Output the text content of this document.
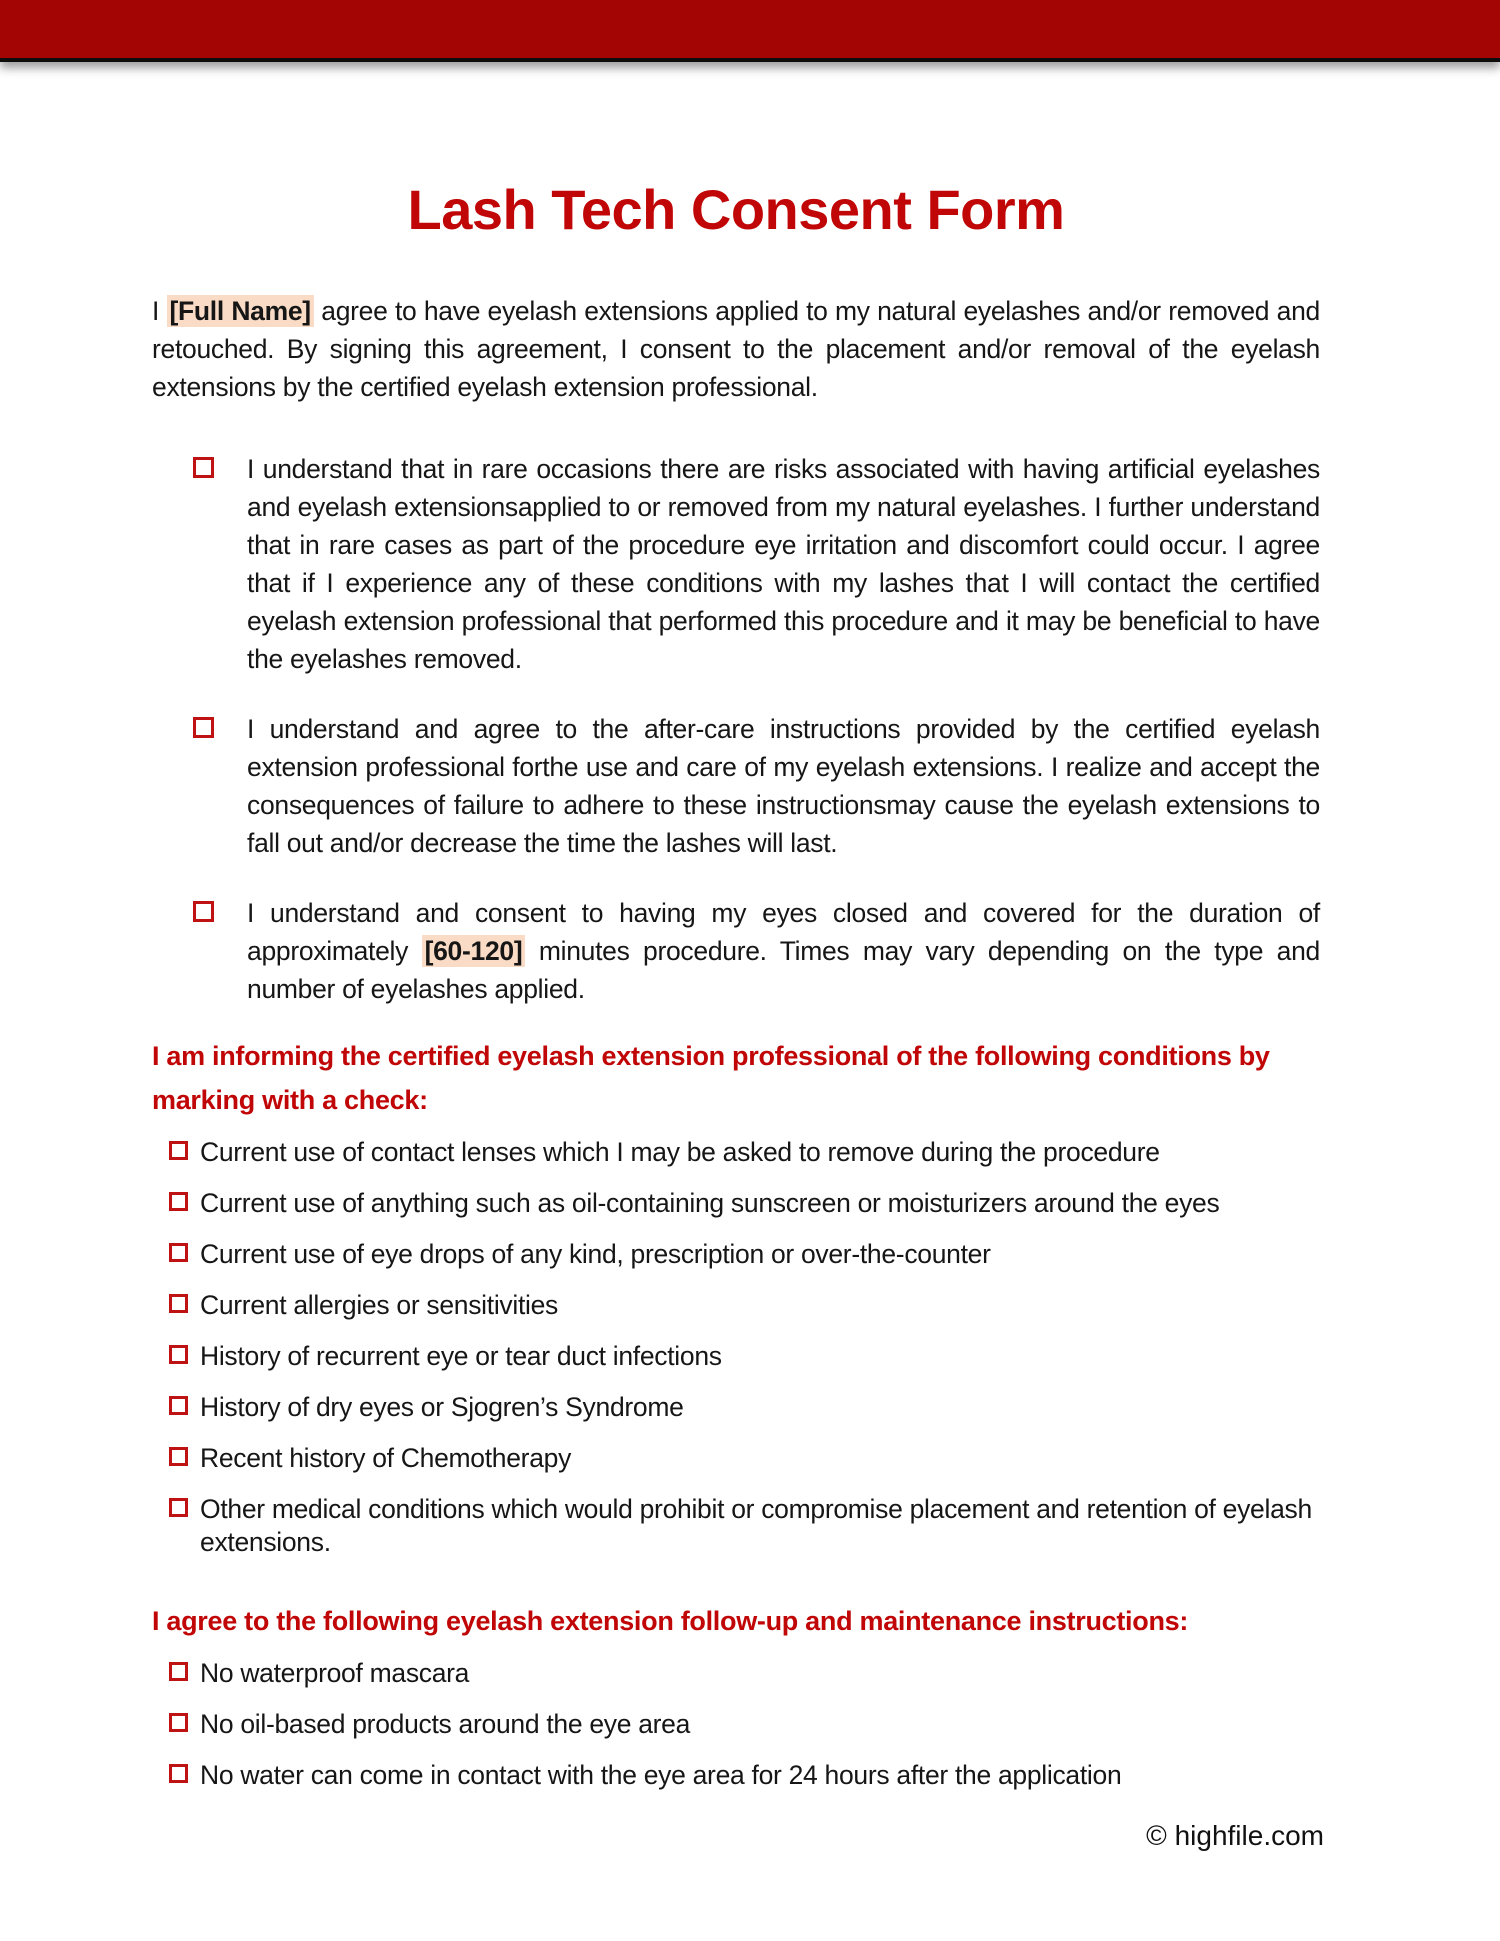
Lash Tech Consent Form

I [Full Name] agree to have eyelash extensions applied to my natural eyelashes and/or removed and retouched. By signing this agreement, I consent to the placement and/or removal of the eyelash extensions by the certified eyelash extension professional.

I understand that in rare occasions there are risks associated with having artificial eyelashes and eyelash extensionsapplied to or removed from my natural eyelashes. I further understand that in rare cases as part of the procedure eye irritation and discomfort could occur. I agree that if I experience any of these conditions with my lashes that I will contact the certified eyelash extension professional that performed this procedure and it may be beneficial to have the eyelashes removed.
I understand and agree to the after-care instructions provided by the certified eyelash extension professional forthe use and care of my eyelash extensions. I realize and accept the consequences of failure to adhere to these instructionsmay cause the eyelash extensions to fall out and/or decrease the time the lashes will last.
I understand and consent to having my eyes closed and covered for the duration of approximately [60-120] minutes procedure. Times may vary depending on the type and number of eyelashes applied.
I am informing the certified eyelash extension professional of the following conditions by marking with a check:
Current use of contact lenses which I may be asked to remove during the procedure
Current use of anything such as oil-containing sunscreen or moisturizers around the eyes
Current use of eye drops of any kind, prescription or over-the-counter
Current allergies or sensitivities
History of recurrent eye or tear duct infections
History of dry eyes or Sjogren’s Syndrome
Recent history of Chemotherapy
Other medical conditions which would prohibit or compromise placement and retention of eyelash extensions.
I agree to the following eyelash extension follow-up and maintenance instructions:
No waterproof mascara
No oil-based products around the eye area
No water can come in contact with the eye area for 24 hours after the application
© highfile.com
